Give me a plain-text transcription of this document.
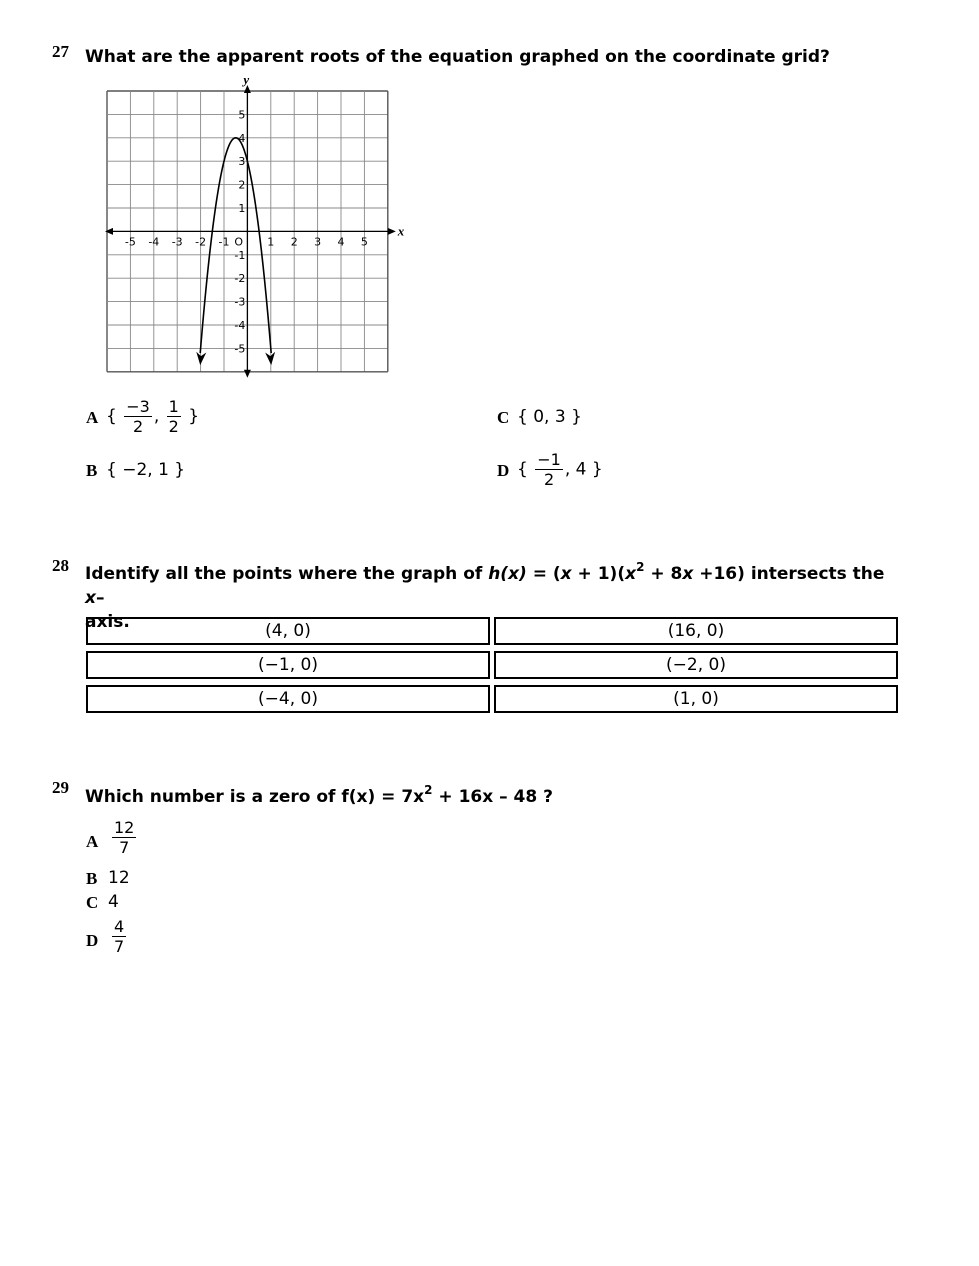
27 What are the apparent roots of the equation graphed on the coordinate grid?
-5 -4 -3 -2 -1	1 2 3 4 5
5
4
3
2
1
-1
-2
-3
-4
-5
x
y
O
A { $\frac{-3}{2}$ , $\frac{1}{2}$ }
B { −2, 1 }
C { 0, 3 }
D { $\frac{-1}{2}$ , 4 }
28 Identify all the points where the graph of $h(x) = (x + 1)(x^2 + 8x +16)$ intersects the x–
axis.	(4, 0)	(16, 0)
(−1, 0)	(−2, 0)
(−4, 0)	(1, 0)
29 Which number is a zero of $f(x) = 7x^2 + 16x - 48$ ?
A $\frac{12}{7}$
B 12
C 4
D $\frac{4}{7}$
